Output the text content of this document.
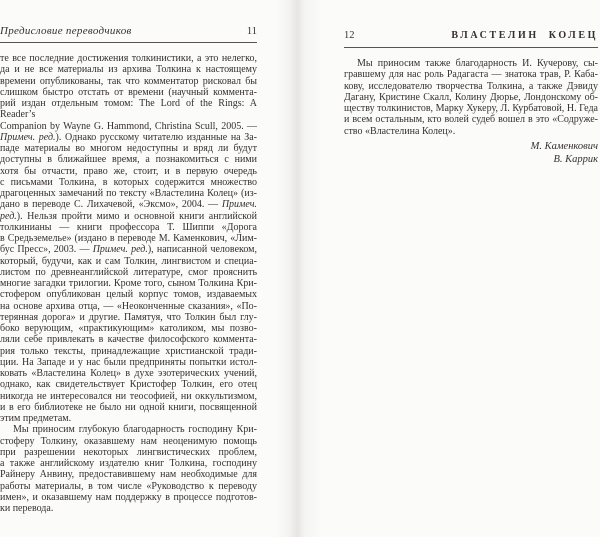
Предисловие переводчиков	11
те все последние достижения толкинистики, а это нелегко,
да и не все материалы из архива Толкина к настоящему
времени опубликованы, так что комментатор рисковал бы
слишком быстро отстать от времени (научный коммента-
рий издан отдельным томом: The Lord of the Rings: A Reader’s
Companion by Wayne G. Hammond, Christina Scull, 2005. —
Примеч. ред.). Однако русскому читателю изданные на За-
паде материалы во многом недоступны и вряд ли будут
доступны в ближайшее время, а познакомиться с ними
хотя бы отчасти, право же, стоит, и в первую очередь
с письмами Толкина, в которых содержится множество
драгоценных замечаний по тексту «Властелина Колец» (из-
дано в переводе С. Лихачевой, «Эксмо», 2004. — Примеч.
ред.). Нельзя пройти мимо и основной книги английской
толкинианы — книги профессора Т. Шиппи «Дорога
в Средьземелье» (издано в переводе М. Каменкович, «Лим-
бус Пресс», 2003. — Примеч. ред.), написанной человеком,
который, будучи, как и сам Толкин, лингвистом и специа-
листом по древнеанглийской литературе, смог прояснить
многие загадки трилогии. Кроме того, сыном Толкина Кри-
стофером опубликован целый корпус томов, издаваемых
на основе архива отца, — «Неоконченные сказания», «По-
терянная дорога» и другие. Памятуя, что Толкин был глу-
боко верующим, «практикующим» католиком, мы позво-
ляли себе привлекать в качестве философского коммента-
рия только тексты, принадлежащие христианской тради-
ции. На Западе и у нас были предприняты попытки истол-
ковать «Властелина Колец» в духе эзотерических учений,
однако, как свидетельствует Кристофер Толкин, его отец
никогда не интересовался ни теософией, ни оккультизмом,
и в его библиотеке не было ни одной книги, посвященной
этим предметам.
Мы приносим глубокую благодарность господину Кри-
стоферу Толкину, оказавшему нам неоценимую помощь
при разрешении некоторых лингвистических проблем,
а также английскому издателю книг Толкина, господину
Райнеру Анвину, предоставившему нам необходимые для
работы материалы, в том числе «Руководство к переводу
имен», и оказавшему нам поддержку в процессе подготов-
ки перевода.
12	ВЛАСТЕЛИН КОЛЕЦ
Мы приносим также благодарность И. Кучерову, сы-
гравшему для нас роль Радагаста — знатока трав, Р. Каба-
кову, исследователю творчества Толкина, а также Дэвиду
Дагану, Кристине Скалл, Колину Дюрье, Лондонскому об-
ществу толкинистов, Марку Хукеру, Л. Курбатовой, Н. Геда
и всем остальным, кто волей судеб вошел в это «Содруже-
ство «Властелина Колец».
М. Каменкович
В. Каррик
